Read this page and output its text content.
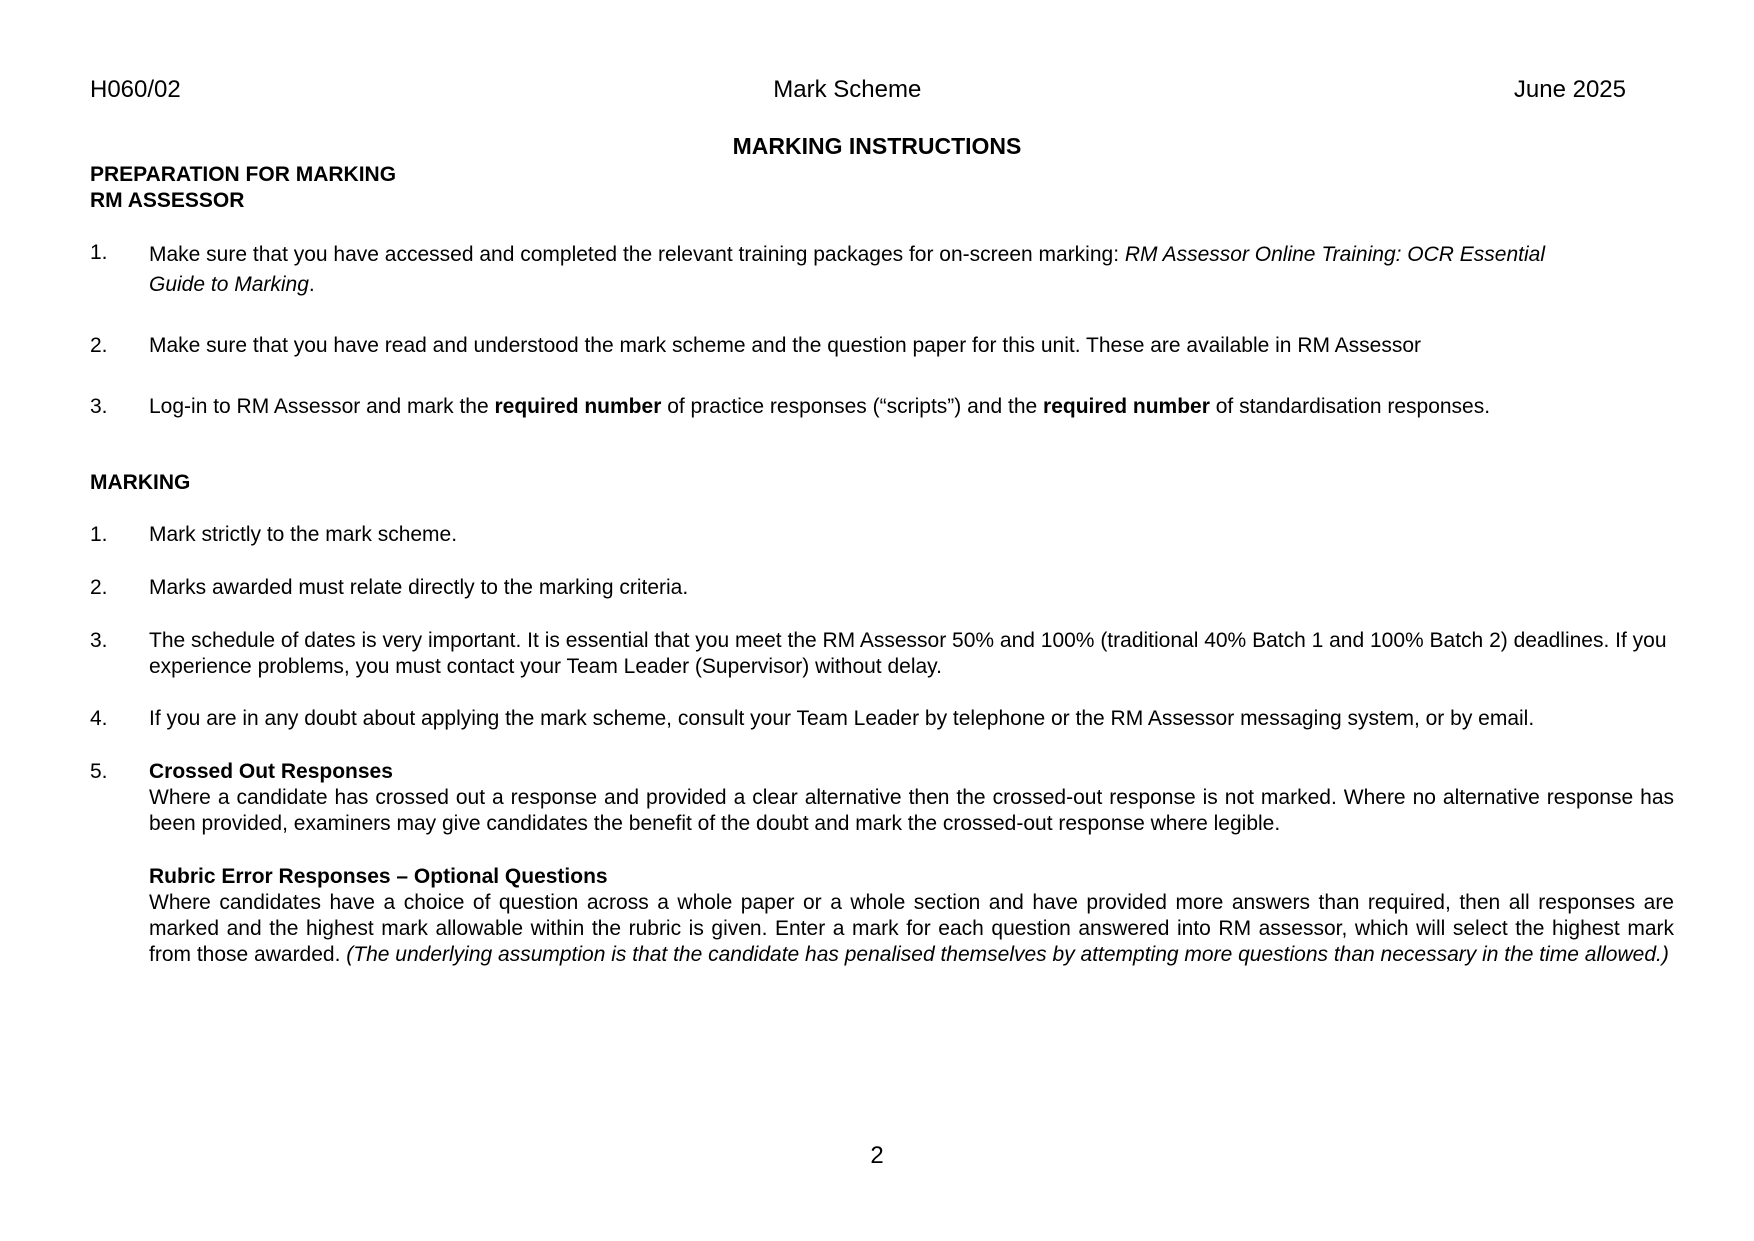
H060/02	Mark Scheme	June 2025
MARKING INSTRUCTIONS
PREPARATION FOR MARKING
RM ASSESSOR
1.	Make sure that you have accessed and completed the relevant training packages for on-screen marking: RM Assessor Online Training: OCR Essential Guide to Marking.
2.	Make sure that you have read and understood the mark scheme and the question paper for this unit. These are available in RM Assessor
3.	Log-in to RM Assessor and mark the required number of practice responses (“scripts”) and the required number of standardisation responses.
MARKING
1.	Mark strictly to the mark scheme.
2.	Marks awarded must relate directly to the marking criteria.
3.	The schedule of dates is very important. It is essential that you meet the RM Assessor 50% and 100% (traditional 40% Batch 1 and 100% Batch 2) deadlines. If you experience problems, you must contact your Team Leader (Supervisor) without delay.
4.	If you are in any doubt about applying the mark scheme, consult your Team Leader by telephone or the RM Assessor messaging system, or by email.
5.	Crossed Out Responses
Where a candidate has crossed out a response and provided a clear alternative then the crossed-out response is not marked. Where no alternative response has been provided, examiners may give candidates the benefit of the doubt and mark the crossed-out response where legible.
Rubric Error Responses – Optional Questions
Where candidates have a choice of question across a whole paper or a whole section and have provided more answers than required, then all responses are marked and the highest mark allowable within the rubric is given. Enter a mark for each question answered into RM assessor, which will select the highest mark from those awarded. (The underlying assumption is that the candidate has penalised themselves by attempting more questions than necessary in the time allowed.)
2
